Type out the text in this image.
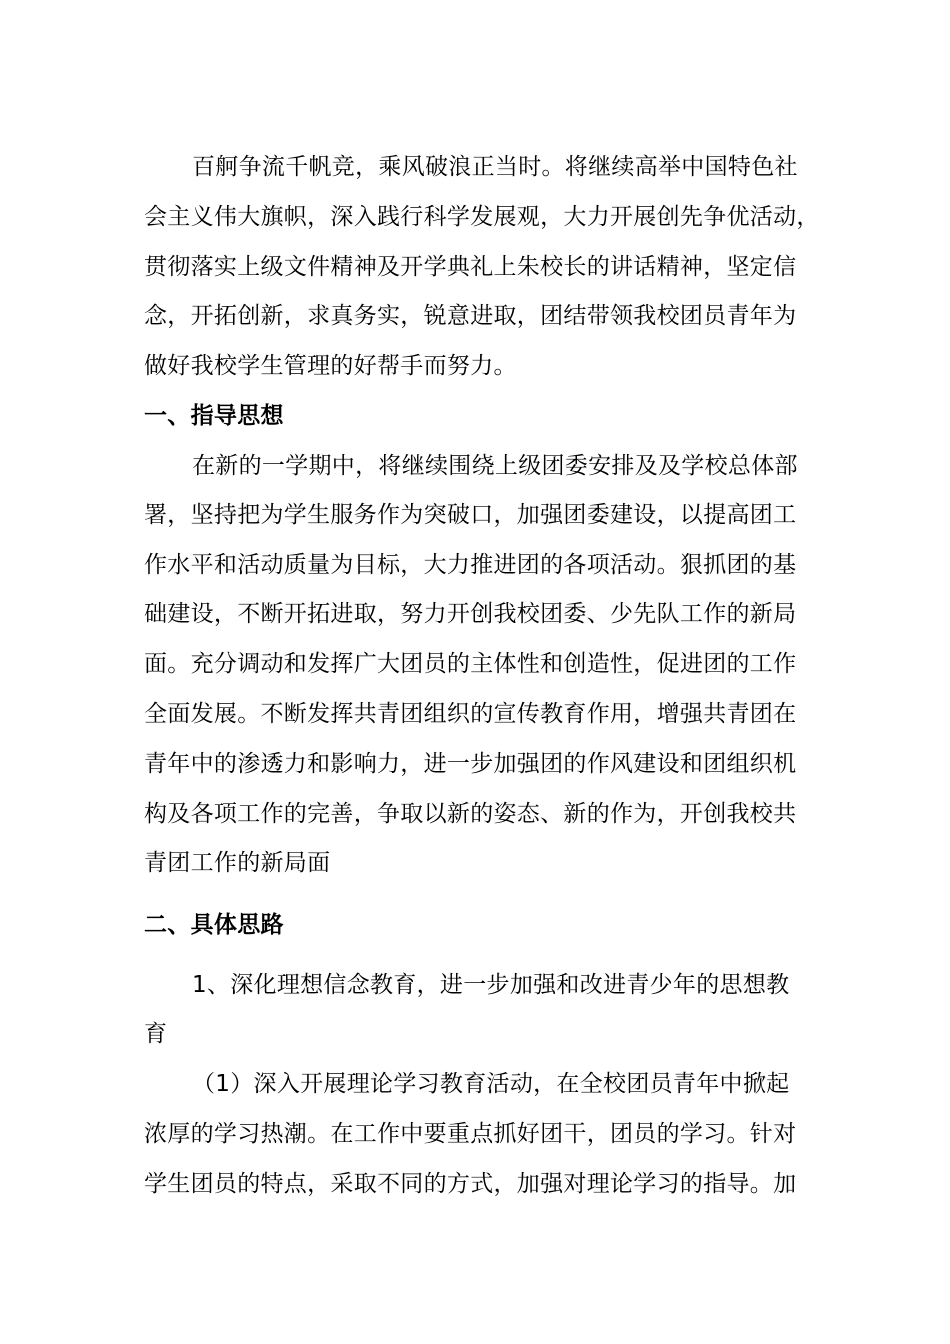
百舸争流千帆竞，乘风破浪正当时。将继续高举中国特色社
会主义伟大旗帜，深入践行科学发展观，大力开展创先争优活动，
贯彻落实上级文件精神及开学典礼上朱校长的讲话精神，坚定信
念，开拓创新，求真务实，锐意进取，团结带领我校团员青年为
做好我校学生管理的好帮手而努力。
一、指导思想
在新的一学期中，将继续围绕上级团委安排及及学校总体部
署，坚持把为学生服务作为突破口，加强团委建设，以提高团工
作水平和活动质量为目标，大力推进团的各项活动。狠抓团的基
础建设，不断开拓进取，努力开创我校团委、少先队工作的新局
面。充分调动和发挥广大团员的主体性和创造性，促进团的工作
全面发展。不断发挥共青团组织的宣传教育作用，增强共青团在
青年中的渗透力和影响力，进一步加强团的作风建设和团组织机
构及各项工作的完善，争取以新的姿态、新的作为，开创我校共
青团工作的新局面
二、具体思路
1、深化理想信念教育，进一步加强和改进青少年的思想教
育
（1）深入开展理论学习教育活动，在全校团员青年中掀起
浓厚的学习热潮。在工作中要重点抓好团干，团员的学习。针对
学生团员的特点，采取不同的方式，加强对理论学习的指导。加
